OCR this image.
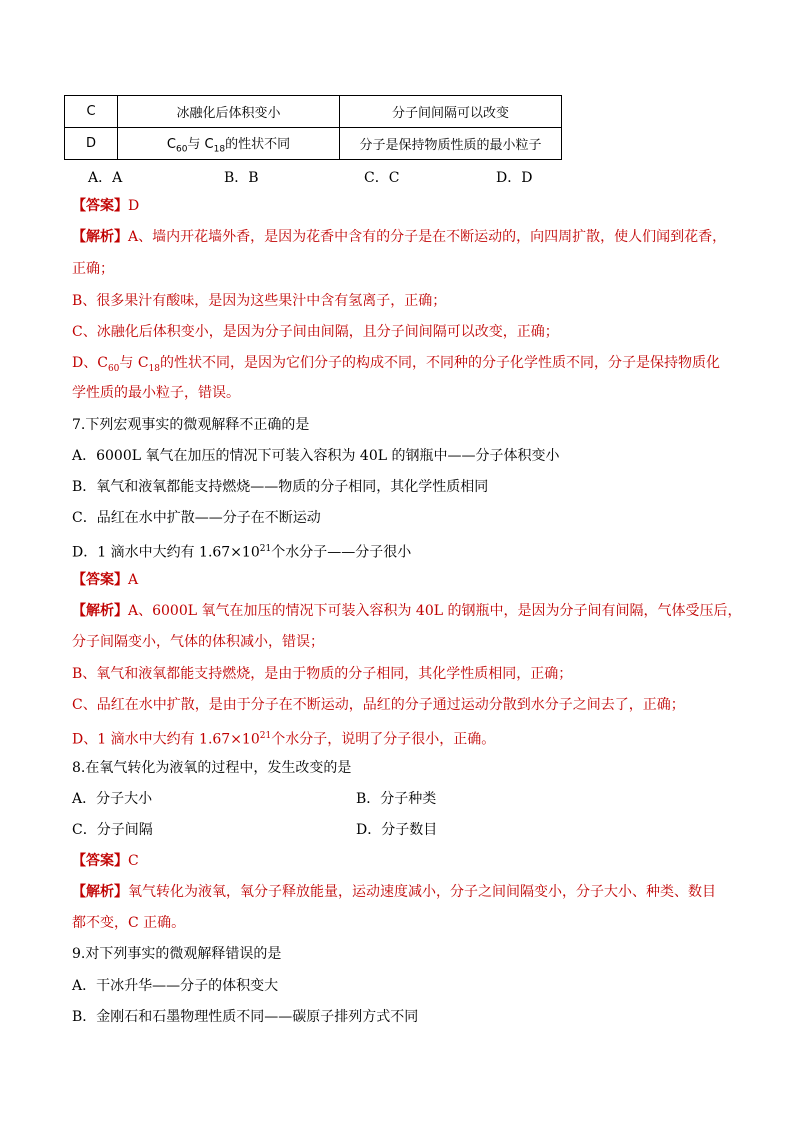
C	冰融化后体积变小	分子间间隔可以改变
D	$C_{60}$与 $C_{18}$的性状不同	分子是保持物质性质的最小粒子
A．A	B．B	C．C	D．D
【答案】D
【解析】A、墙内开花墙外香，是因为花香中含有的分子是在不断运动的，向四周扩散，使人们闻到花香，
正确；
B、很多果汁有酸味，是因为这些果汁中含有氢离子，正确；
C、冰融化后体积变小，是因为分子间由间隔，且分子间间隔可以改变，正确；
D、$C_{60}$与 $C_{18}$的性状不同，是因为它们分子的构成不同，不同种的分子化学性质不同，分子是保持物质化
学性质的最小粒子，错误。
7.下列宏观事实的微观解释不正确的是
A．6000L 氧气在加压的情况下可装入容积为 40L 的钢瓶中——分子体积变小
B．氧气和液氧都能支持燃烧——物质的分子相同，其化学性质相同
C．品红在水中扩散——分子在不断运动
D．1 滴水中大约有 $1.67\times 10^{21}$个水分子——分子很小
【答案】A
【解析】A、6000L 氧气在加压的情况下可装入容积为 40L 的钢瓶中，是因为分子间有间隔，气体受压后，
分子间隔变小，气体的体积减小，错误；
B、氧气和液氧都能支持燃烧，是由于物质的分子相同，其化学性质相同，正确；
C、品红在水中扩散，是由于分子在不断运动，品红的分子通过运动分散到水分子之间去了，正确；
D、1 滴水中大约有 $1.67\times 10^{21}$个水分子，说明了分子很小，正确。
8.在氧气转化为液氧的过程中，发生改变的是
A．分子大小	B．分子种类
C．分子间隔	D．分子数目
【答案】C
【解析】氧气转化为液氧，氧分子释放能量，运动速度减小，分子之间间隔变小，分子大小、种类、数目
都不变，C 正确。
9.对下列事实的微观解释错误的是
A．干冰升华——分子的体积变大
B．金刚石和石墨物理性质不同——碳原子排列方式不同
